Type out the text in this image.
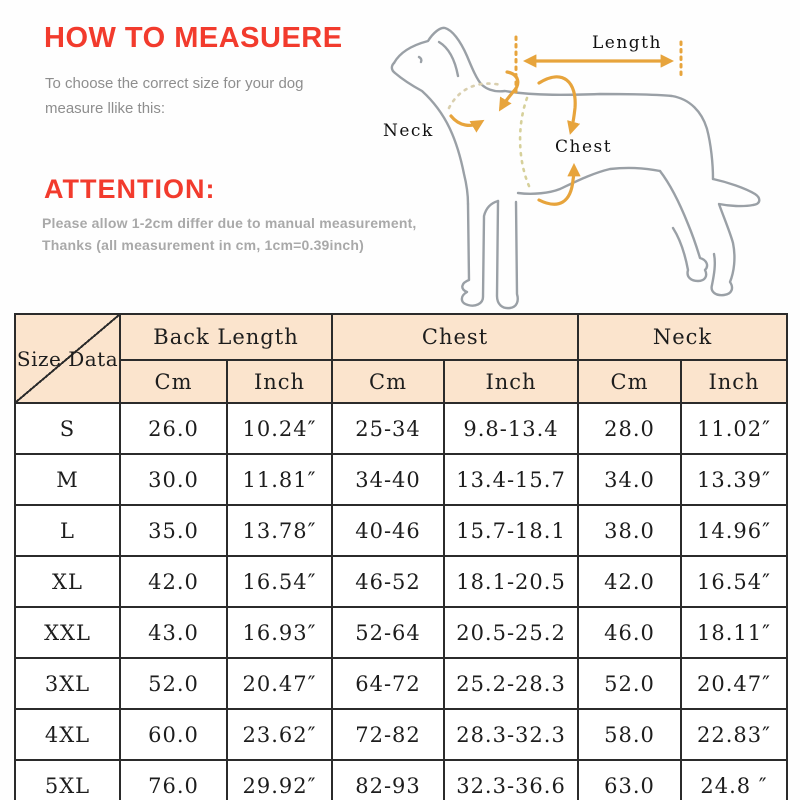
HOW TO MEASUERE
To choose the correct size for your dog
measure llike this:
ATTENTION:
Please allow 1-2cm differ due to manual measurement,
Thanks (all measurement in cm, 1cm=0.39inch)
Length
Neck
Chest
Size Data	Back Length		Chest		Neck	
	Cm	Inch	Cm	Inch	Cm	Inch
S	26.0	10.24″	25-34	9.8-13.4	28.0	11.02″
M	30.0	11.81″	34-40	13.4-15.7	34.0	13.39″
L	35.0	13.78″	40-46	15.7-18.1	38.0	14.96″
XL	42.0	16.54″	46-52	18.1-20.5	42.0	16.54″
XXL	43.0	16.93″	52-64	20.5-25.2	46.0	18.11″
3XL	52.0	20.47″	64-72	25.2-28.3	52.0	20.47″
4XL	60.0	23.62″	72-82	28.3-32.3	58.0	22.83″
5XL	76.0	29.92″	82-93	32.3-36.6	63.0	24.8 ″
